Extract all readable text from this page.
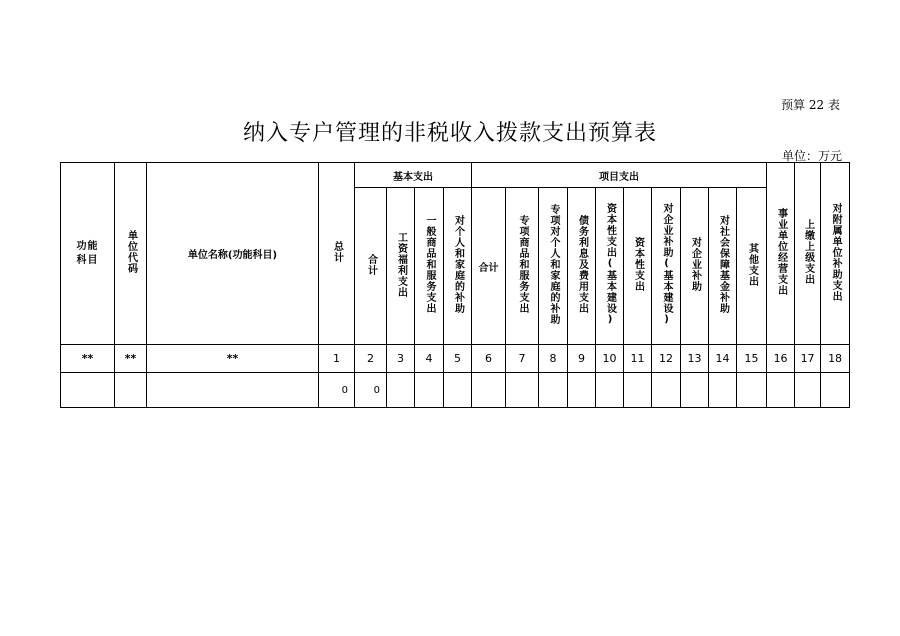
预算 22 表
纳入专户管理的非税收入拨款支出预算表
单位：万元
功能科目	单位代码	单位名称(功能科目)	总计	基本支出				项目支出										事业单位经营支出	上缴上级支出	对附属单位补助支出
				合计	工资福利支出	一般商品和服务支出	对个人和家庭的补助	合计	专项商品和服务支出	专项对个人和家庭的补助	债务利息及费用支出	资本性支出(基本建设)	资本性支出	对企业补助(基本建设)	对企业补助	对社会保障基金补助	其他支出			
**	**	**	1	2	3	4	5	6	7	8	9	10	11	12	13	14	15	16	17	18
			0	0																
